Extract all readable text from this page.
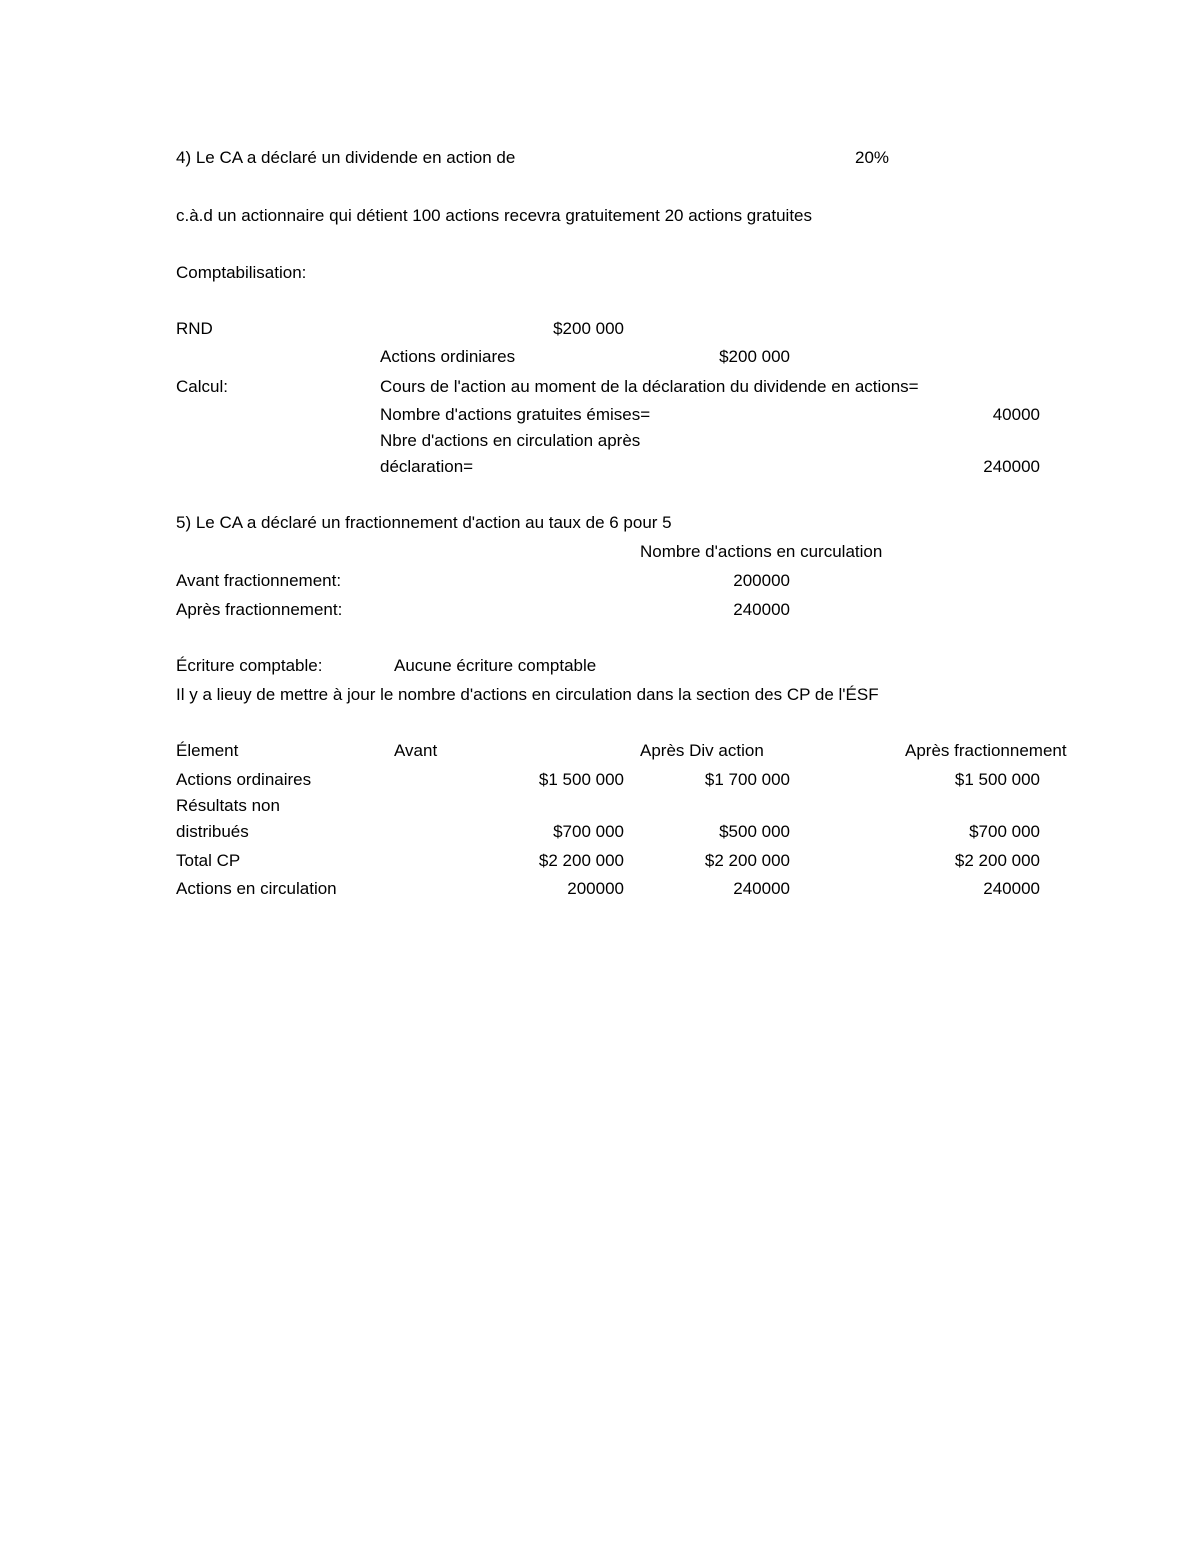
4) Le CA a déclaré un dividende en action de	20%
c.à.d un actionnaire qui détient 100 actions recevra gratuitement 20 actions gratuites
Comptabilisation:
RND	$200 000
Actions ordiniares	$200 000
Calcul:	Cours de l'action au moment de la déclaration du dividende en actions=
Nombre d'actions gratuites émises=	40000
Nbre d'actions en circulation après
déclaration=	240000
5) Le CA a déclaré un fractionnement d'action au taux de 6 pour 5
Nombre d'actions en curculation
Avant fractionnement:	200000
Après fractionnement:	240000
Écriture comptable:	Aucune écriture comptable
Il y a lieuy de mettre à jour le nombre d'actions en circulation dans la section des CP de l'ÉSF
Élement	Avant	Après Div action	Après fractionnement
Actions ordinaires	$1 500 000	$1 700 000	$1 500 000
Résultats non
distribués	$700 000	$500 000	$700 000
Total CP	$2 200 000	$2 200 000	$2 200 000
Actions en circulation	200000	240000	240000
